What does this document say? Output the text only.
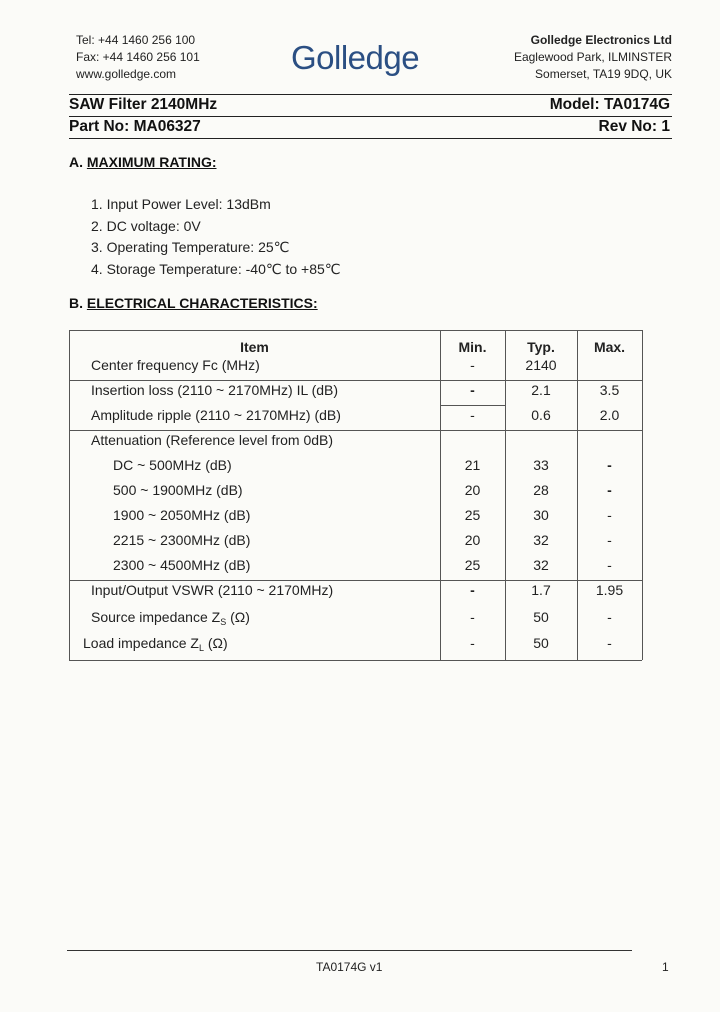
Tel: +44 1460 256 100
Fax: +44 1460 256 101
www.golledge.com	Golledge	Golledge Electronics Ltd
Eaglewood Park, ILMINSTER
Somerset, TA19 9DQ, UK
SAW Filter 2140MHz	Model: TA0174G
Part No: MA06327	Rev No: 1
A. MAXIMUM RATING:
1. Input Power Level: 13dBm
2. DC voltage: 0V
3. Operating Temperature: 25℃
4. Storage Temperature: -40℃ to +85℃
B. ELECTRICAL CHARACTERISTICS:
Item	Min.	Typ.	Max.
Center frequency Fc (MHz)	-	2140
Insertion loss (2110 ~ 2170MHz) IL (dB)	-	2.1	3.5
Amplitude ripple (2110 ~ 2170MHz) (dB)	-	0.6	2.0
Attenuation (Reference level from 0dB)
DC ~ 500MHz (dB)	21	33	-
500 ~ 1900MHz (dB)	20	28	-
1900 ~ 2050MHz (dB)	25	30	-
2215 ~ 2300MHz (dB)	20	32	-
2300 ~ 4500MHz (dB)	25	32	-
Input/Output VSWR (2110 ~ 2170MHz)	-	1.7	1.95
Source impedance $Z_S$ (Ω)	-	50	-
Load impedance $Z_L$ (Ω)	-	50	-
TA0174G v1	1
